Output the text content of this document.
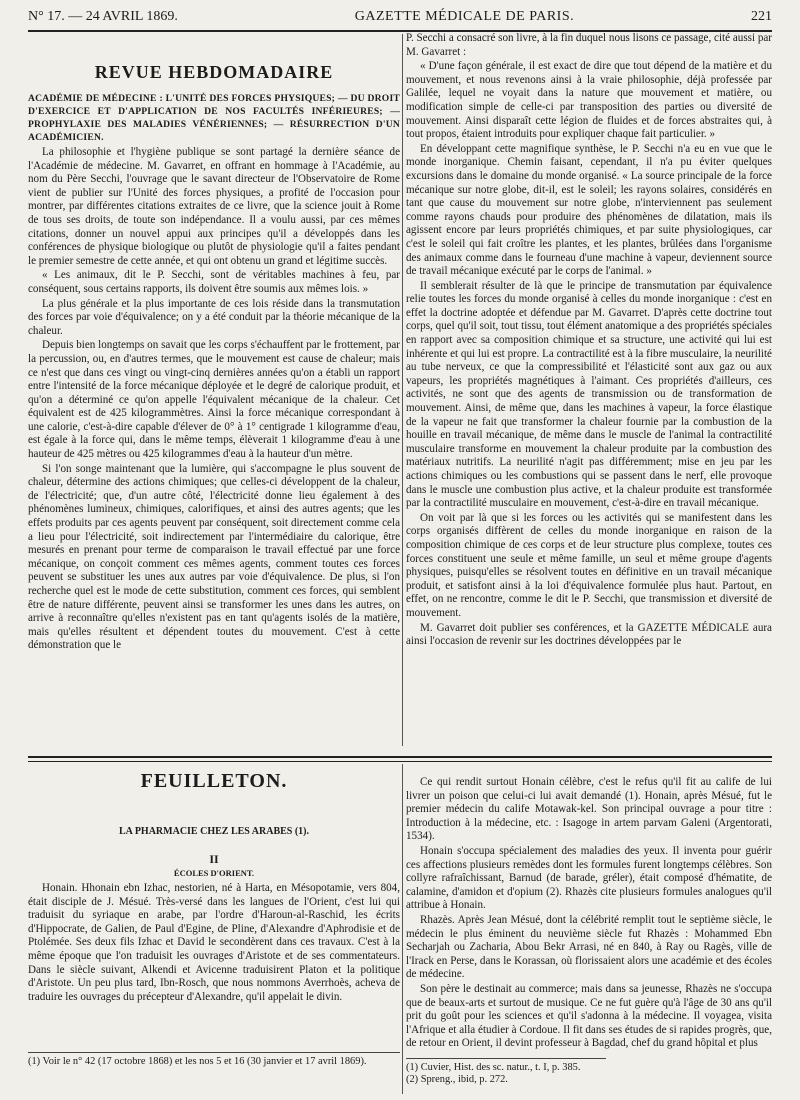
N° 17. — 24 AVRIL 1869.	GAZETTE MÉDICALE DE PARIS.	221
REVUE HEBDOMADAIRE

ACADÉMIE DE MÉDECINE : L'UNITÉ DES FORCES PHYSIQUES; — DU DROIT D'EXERCICE ET D'APPLICATION DE NOS FACULTÉS INFÉRIEURES; — PROPHYLAXIE DES MALADIES VÉNÉRIENNES; — RÉSURRECTION D'UN ACADÉMICIEN.

La philosophie et l'hygiène publique se sont partagé la dernière séance de l'Académie de médecine. M. Gavarret, en offrant en hommage à l'Académie, au nom du Père Secchi, l'ouvrage que le savant directeur de l'Observatoire de Rome vient de publier sur l'Unité des forces physiques, a profité de l'occasion pour montrer, par différentes citations extraites de ce livre, que la science jouit à Rome de tous ses droits, de toute son indépendance. Il a voulu aussi, par ces mêmes citations, donner un nouvel appui aux principes qu'il a développés dans les conférences de physique biologique ou plutôt de physiologie qu'il a faites pendant le premier semestre de cette année, et qui ont obtenu un grand et légitime succès.

« Les animaux, dit le P. Secchi, sont de véritables machines à feu, par conséquent, sous certains rapports, ils doivent être soumis aux mêmes lois. »

La plus générale et la plus importante de ces lois réside dans la transmutation des forces par voie d'équivalence; on y a été conduit par la théorie mécanique de la chaleur.

Depuis bien longtemps on savait que les corps s'échauffent par le frottement, par la percussion, ou, en d'autres termes, que le mouvement est cause de chaleur; mais ce n'est que dans ces vingt ou vingt-cinq dernières années qu'on a établi un rapport entre l'intensité de la force mécanique déployée et le degré de calorique produit, et qu'on a déterminé ce qu'on appelle l'équivalent mécanique de la chaleur. Cet équivalent est de 425 kilogrammètres. Ainsi la force mécanique correspondant à une calorie, c'est-à-dire capable d'élever de 0° à 1° centigrade 1 kilogramme d'eau, est égale à la force qui, dans le même temps, élèverait 1 kilogramme d'eau à une hauteur de 425 mètres ou 425 kilogrammes d'eau à la hauteur d'un mètre.

Si l'on songe maintenant que la lumière, qui s'accompagne le plus souvent de chaleur, détermine des actions chimiques; que celles-ci développent de la chaleur, de l'électricité; que, d'un autre côté, l'électricité donne lieu également à des phénomènes lumineux, chimiques, calorifiques, et ainsi des autres agents; que les effets produits par ces agents peuvent par conséquent, soit directement comme cela a lieu pour l'électricité, soit indirectement par l'intermédiaire du calorique, être mesurés en prenant pour terme de comparaison le travail effectué par une force mécanique, on conçoit comment ces mêmes agents, comment toutes ces forces peuvent se substituer les unes aux autres par voie d'équivalence. De plus, si l'on recherche quel est le mode de cette substitution, comment ces forces, qui semblent être de nature différente, peuvent ainsi se transformer les unes dans les autres, on arrive à reconnaître qu'elles n'existent pas en tant qu'agents isolés de la matière, mais qu'elles résultent et dépendent toutes du mouvement. C'est à cette démonstration que le

P. Secchi a consacré son livre, à la fin duquel nous lisons ce passage, cité aussi par M. Gavarret :

« D'une façon générale, il est exact de dire que tout dépend de la matière et du mouvement, et nous revenons ainsi à la vraie philosophie, déjà professée par Galilée, lequel ne voyait dans la nature que mouvement et matière, ou modification simple de celle-ci par transposition des parties ou diversité de mouvement. Ainsi disparaît cette légion de fluides et de forces abstraites qui, à tout propos, étaient introduits pour expliquer chaque fait particulier. »

En développant cette magnifique synthèse, le P. Secchi n'a eu en vue que le monde inorganique. Chemin faisant, cependant, il n'a pu éviter quelques excursions dans le domaine du monde organisé. « La source principale de la force mécanique sur notre globe, dit-il, est le soleil; les rayons solaires, considérés en tant que cause du mouvement sur notre globe, n'interviennent pas seulement comme rayons chauds pour produire des phénomènes de dilatation, mais ils agissent encore par leurs propriétés chimiques, et par suite physiologiques, car c'est le soleil qui fait croître les plantes, et les plantes, brûlées dans l'organisme des animaux comme dans le fourneau d'une machine à vapeur, deviennent source de travail mécanique exécuté par le corps de l'animal. »

Il semblerait résulter de là que le principe de transmutation par équivalence relie toutes les forces du monde organisé à celles du monde inorganique : c'est en effet la doctrine adoptée et défendue par M. Gavarret. D'après cette doctrine tout corps, quel qu'il soit, tout tissu, tout élément anatomique a des propriétés spéciales en rapport avec sa composition chimique et sa structure, une activité qui lui est inhérente et qui lui est propre. La contractilité est à la fibre musculaire, la neurilité au tube nerveux, ce que la compressibilité et l'élasticité sont aux gaz ou aux vapeurs, les propriétés magnétiques à l'aimant. Ces propriétés d'ailleurs, ces activités, ne sont que des agents de transmission ou de transformation de mouvement. Ainsi, de même que, dans les machines à vapeur, la force élastique de la vapeur ne fait que transformer la chaleur fournie par la combustion de la houille en travail mécanique, de même dans le muscle de l'animal la contractilité musculaire transforme en mouvement la chaleur produite par la combustion des matériaux nutritifs. La neurilité n'agit pas différemment; mise en jeu par les actions chimiques ou les combustions qui se passent dans le nerf, elle provoque dans le muscle une combustion plus active, et la chaleur produite est transformée par la contractilité musculaire en mouvement, c'est-à-dire en travail mécanique.

On voit par là que si les forces ou les activités qui se manifestent dans les corps organisés diffèrent de celles du monde inorganique en raison de la composition chimique de ces corps et de leur structure plus complexe, toutes ces forces constituent une seule et même famille, un seul et même groupe d'agents physiques, puisqu'elles se résolvent toutes en définitive en un travail mécanique produit, et satisfont ainsi à la loi d'équivalence formulée plus haut. Partout, en effet, on ne rencontre, comme le dit le P. Secchi, que transmission et diversité de mouvement.

M. Gavarret doit publier ses conférences, et la GAZETTE MÉDICALE aura ainsi l'occasion de revenir sur les doctrines développées par le

FEUILLETON.
LA PHARMACIE CHEZ LES ARABES (1).
II
ÉCOLES D'ORIENT.

Honain. Hhonain ebn Izhac, nestorien, né à Harta, en Mésopotamie, vers 804, était disciple de J. Mésué. Très-versé dans les langues de l'Orient, c'est lui qui traduisit du syriaque en arabe, par l'ordre d'Haroun-al-Raschid, les écrits d'Hippocrate, de Galien, de Paul d'Egine, de Pline, d'Alexandre d'Aphrodisie et de Ptolémée. Ses deux fils Izhac et David le secondèrent dans ces travaux. C'est à la même époque que l'on traduisit les ouvrages d'Aristote et de ses commentateurs. Dans le siècle suivant, Alkendi et Avicenne traduisirent Platon et la politique d'Aristote. Un peu plus tard, Ibn-Rosch, que nous nommons Averrhoès, acheva de traduire les ouvrages du précepteur d'Alexandre, qu'il appelait le divin.

Ce qui rendit surtout Honain célèbre, c'est le refus qu'il fit au calife de lui livrer un poison que celui-ci lui avait demandé (1). Honain, après Mésué, fut le premier médecin du calife Motawak-kel. Son principal ouvrage a pour titre : Introduction à la médecine, etc. : Isagoge in artem parvam Galeni (Argentorati, 1534).

Honain s'occupa spécialement des maladies des yeux. Il inventa pour guérir ces affections plusieurs remèdes dont les formules furent longtemps célèbres. Son collyre rafraîchissant, Barnud (de barade, gréler), était composé d'hématite, de calamine, d'amidon et d'opium (2). Rhazès cite plusieurs formules analogues qu'il attribue à Honain.

Rhazès. Après Jean Mésué, dont la célébrité remplit tout le septième siècle, le médecin le plus éminent du neuvième siècle fut Rhazès : Mohammed Ebn Secharjah ou Zacharia, Abou Bekr Arrasi, né en 840, à Ray ou Ragès, ville de l'Irack en Perse, dans le Korassan, où florissaient alors une académie et des écoles de médecine.

Son père le destinait au commerce; mais dans sa jeunesse, Rhazès ne s'occupa que de beaux-arts et surtout de musique. Ce ne fut guère qu'à l'âge de 30 ans qu'il prit du goût pour les sciences et qu'il s'adonna à la médecine. Il voyagea, visita l'Afrique et alla étudier à Cordoue. Il fit dans ses études de si rapides progrès, que, de retour en Orient, il devint professeur à Bagdad, chef du grand hôpital et plus

(1) Voir le n° 42 (17 octobre 1868) et les nos 5 et 16 (30 janvier et 17 avril 1869).
(1) Cuvier, Hist. des sc. natur., t. I, p. 385.
(2) Spreng., ibid, p. 272.
